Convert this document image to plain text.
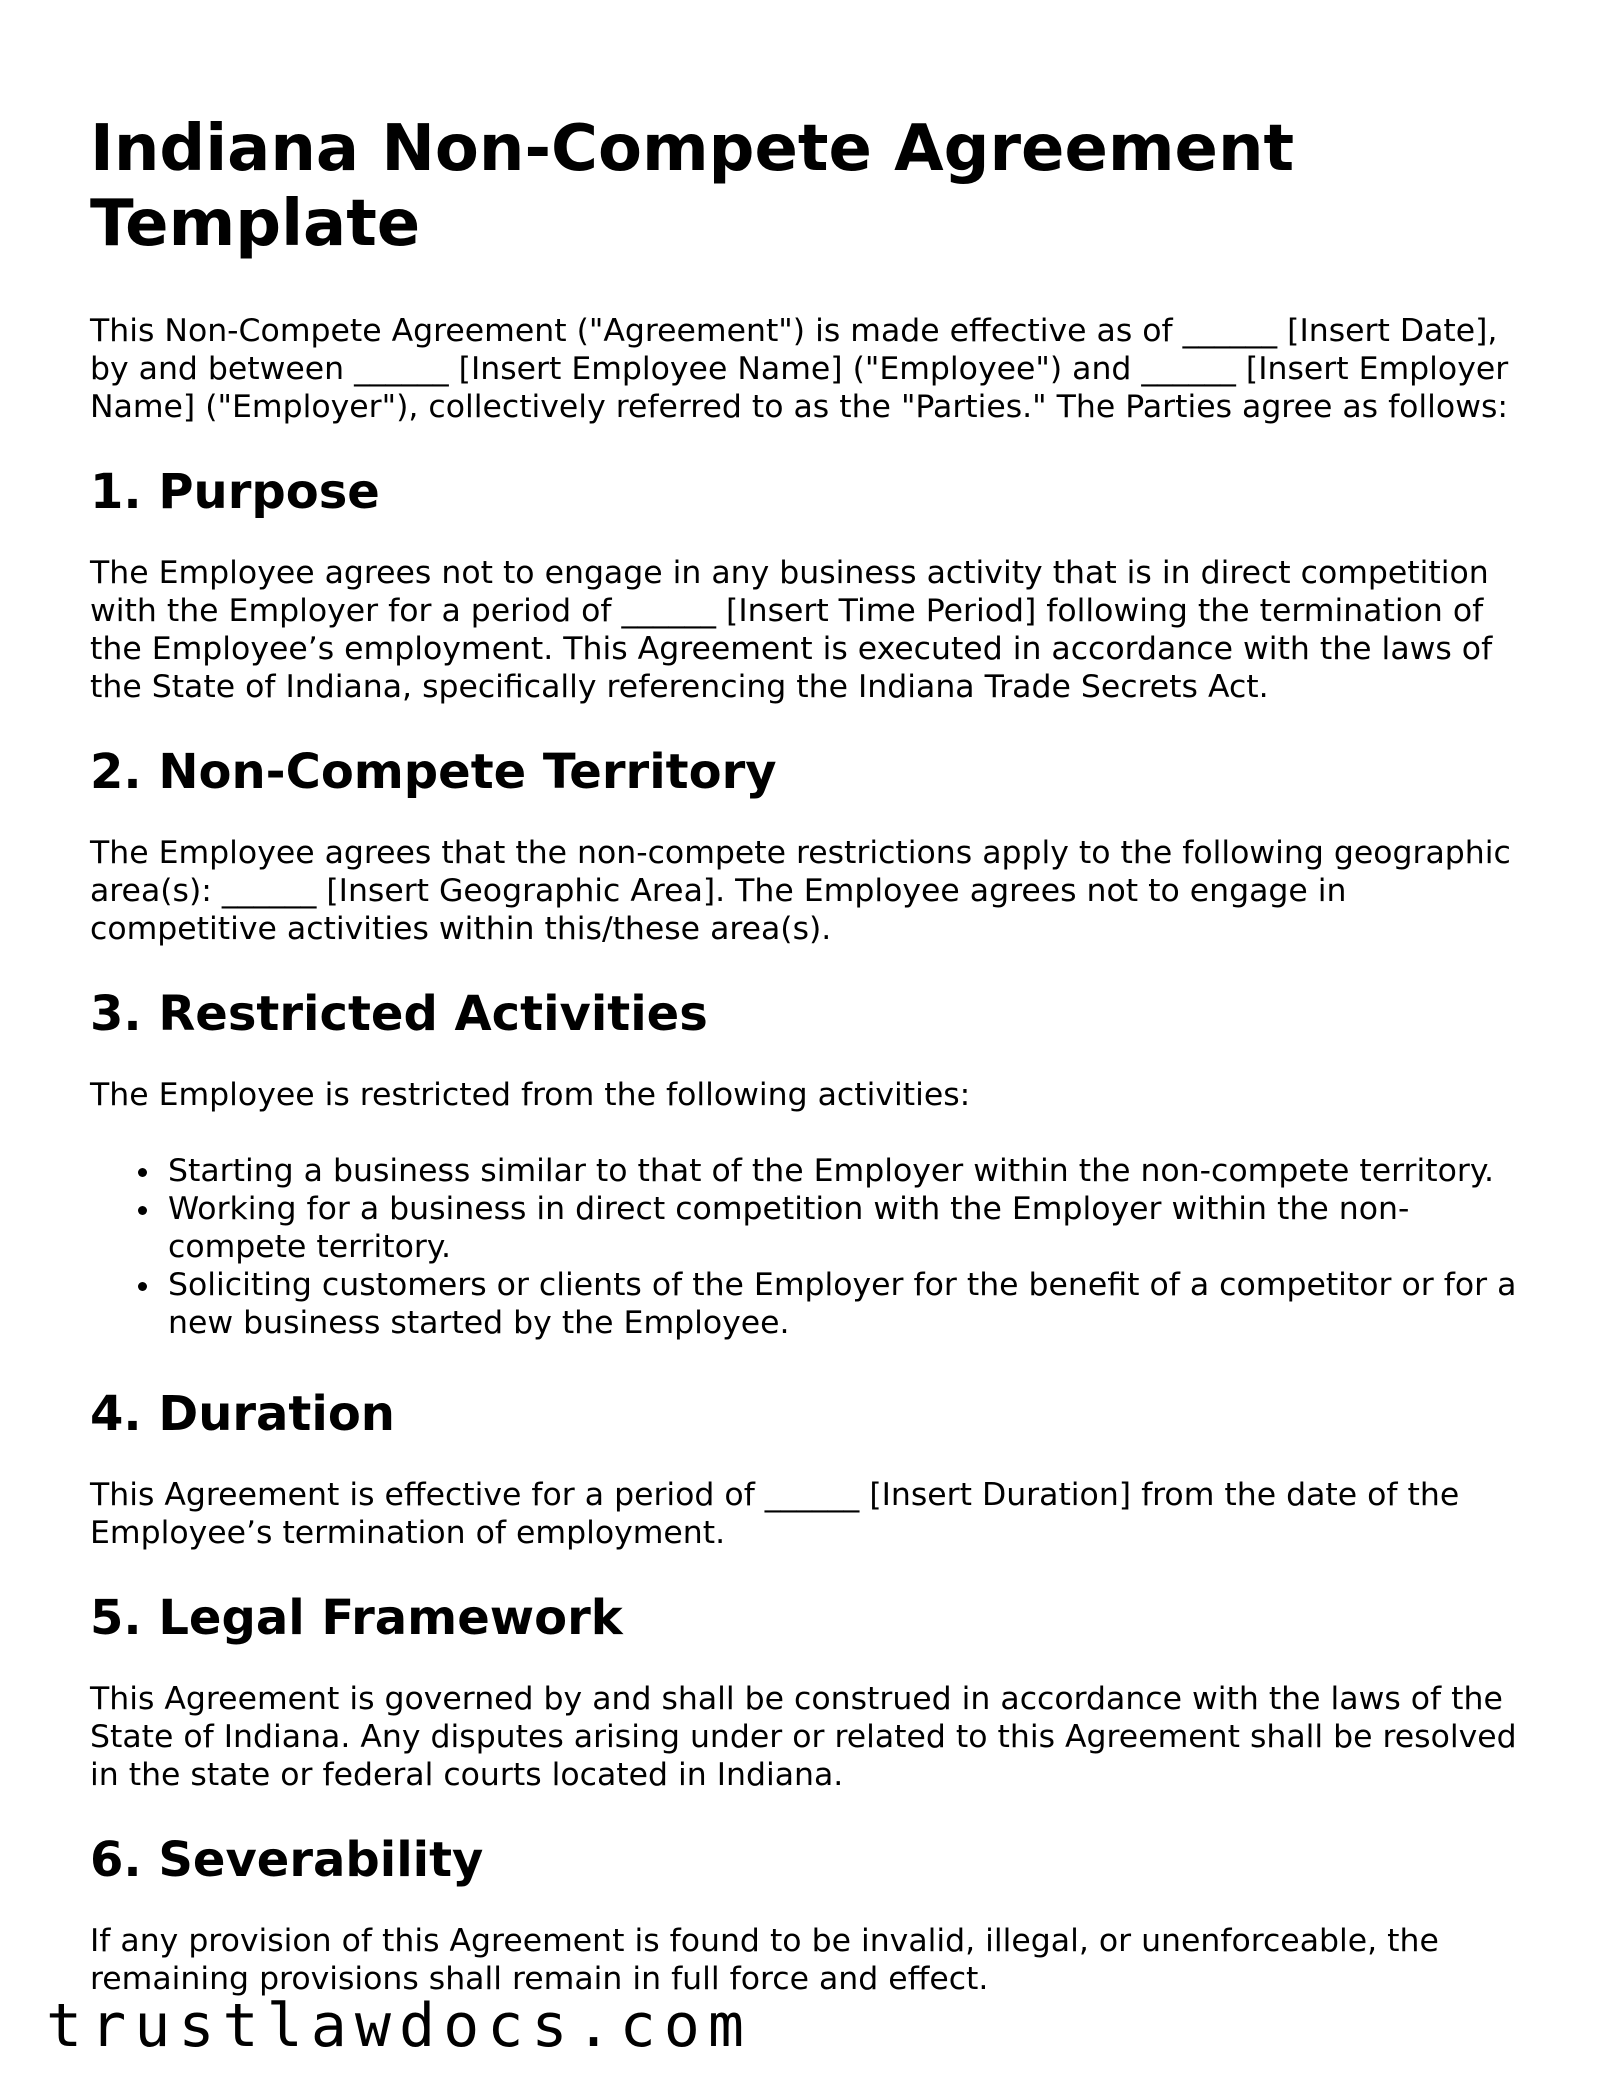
Indiana Non-Compete Agreement Template

This Non-Compete Agreement ("Agreement") is made effective as of ______ [Insert Date], by and between ______ [Insert Employee Name] ("Employee") and ______ [Insert Employer Name] ("Employer"), collectively referred to as the "Parties." The Parties agree as follows:

1. Purpose

The Employee agrees not to engage in any business activity that is in direct competition with the Employer for a period of ______ [Insert Time Period] following the termination of the Employee’s employment. This Agreement is executed in accordance with the laws of the State of Indiana, specifically referencing the Indiana Trade Secrets Act.

2. Non-Compete Territory

The Employee agrees that the non-compete restrictions apply to the following geographic area(s): ______ [Insert Geographic Area]. The Employee agrees not to engage in competitive activities within this/these area(s).

3. Restricted Activities

The Employee is restricted from the following activities:

Starting a business similar to that of the Employer within the non-compete territory.
Working for a business in direct competition with the Employer within the non-compete territory.
Soliciting customers or clients of the Employer for the benefit of a competitor or for a new business started by the Employee.
4. Duration

This Agreement is effective for a period of ______ [Insert Duration] from the date of the Employee’s termination of employment.

5. Legal Framework

This Agreement is governed by and shall be construed in accordance with the laws of the State of Indiana. Any disputes arising under or related to this Agreement shall be resolved in the state or federal courts located in Indiana.

6. Severability

If any provision of this Agreement is found to be invalid, illegal, or unenforceable, the remaining provisions shall remain in full force and effect.

trustlawdocs.com
